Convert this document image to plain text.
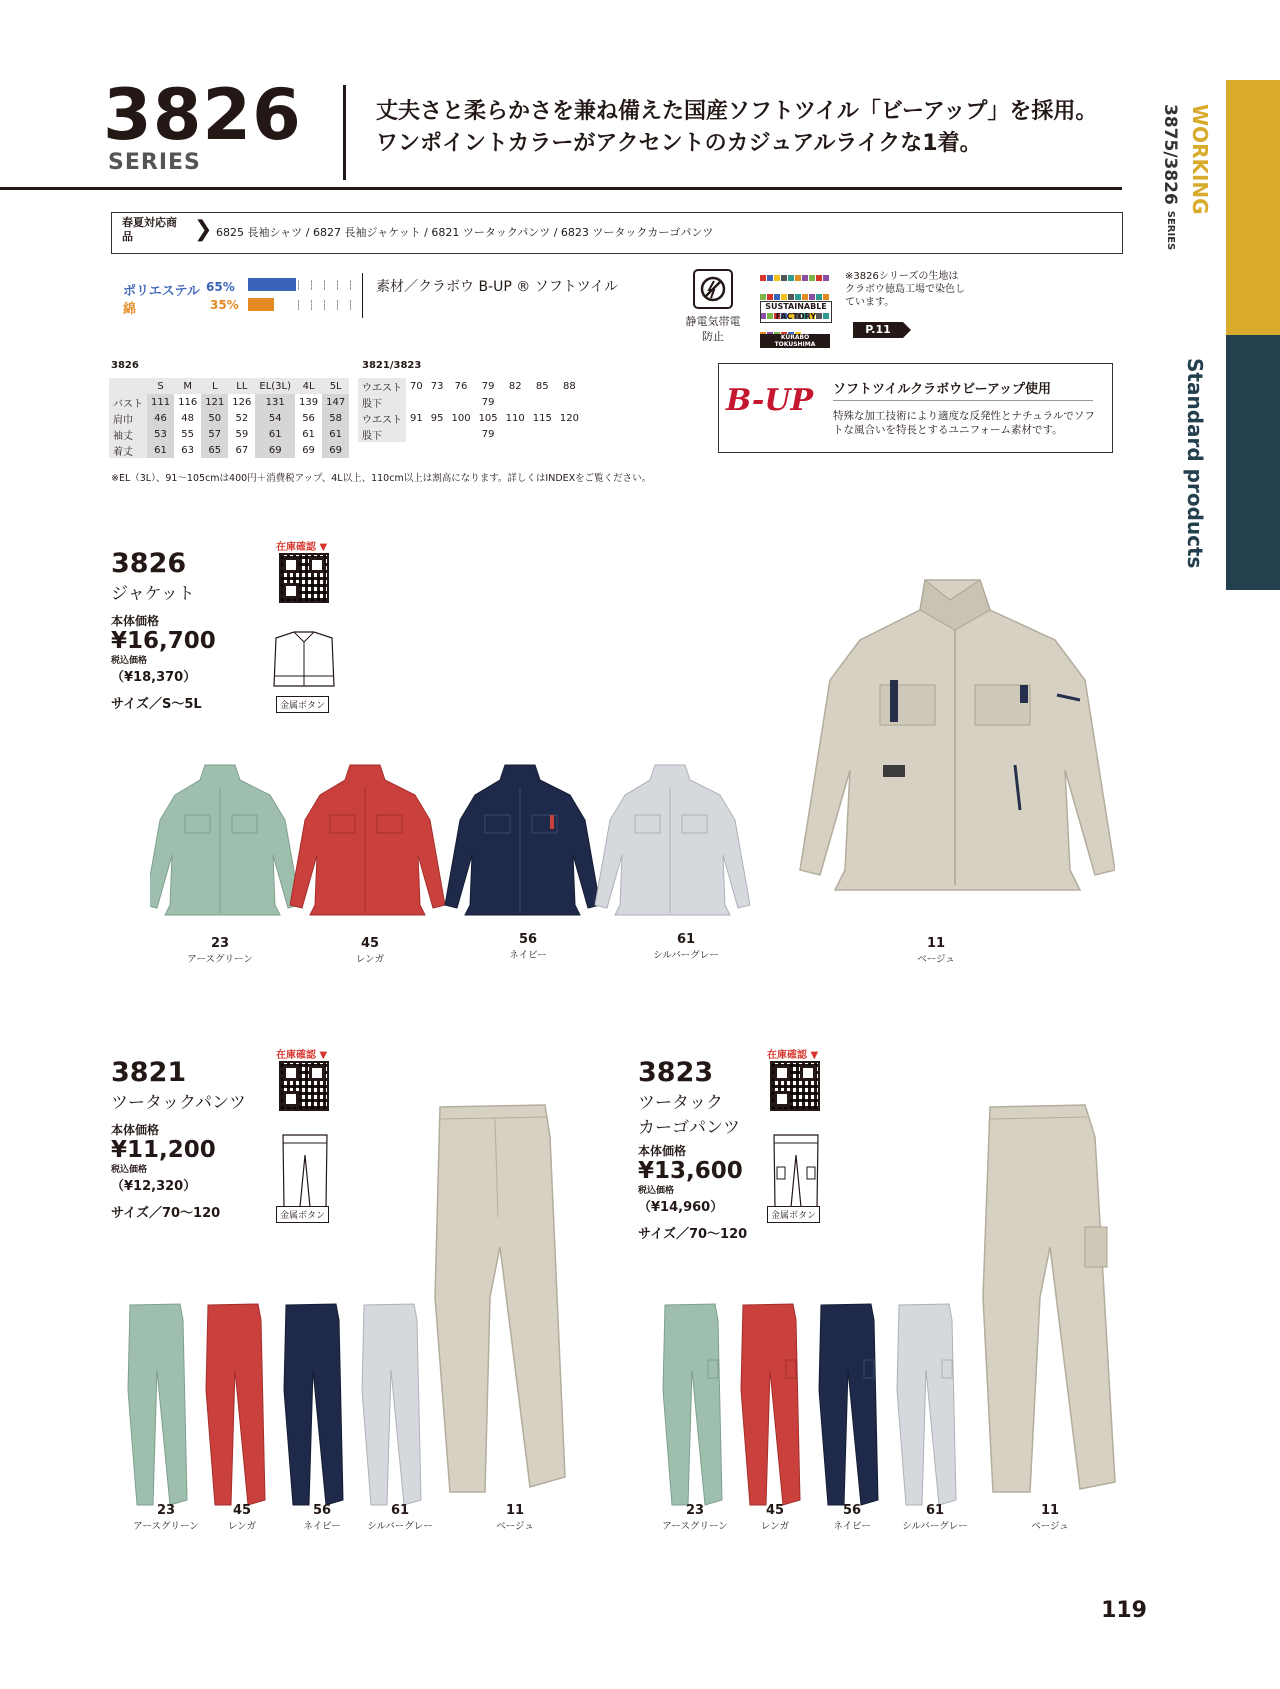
3826
SERIES
丈夫さと柔らかさを兼ね備えた国産ソフトツイル「ビーアップ」を採用。
ワンポイントカラーがアクセントのカジュアルライクな1着。	WORKING
3875/3826 SERIES
Standard products
春夏対応商品	❯ 6825 長袖シャツ / 6827 長袖ジャケット / 6821 ツータックパンツ / 6823 ツータックカーゴパンツ
ポリエステル 65%
綿	35%
素材／クラボウ B-UP ® ソフトツイル
静電気帯電防止
SUSTAINABLE FACTORY
KURABO TOKUSHIMA
※3826シリーズの生地はクラボウ徳島工場で染色しています。
P.11
3826
	S	M	L	LL	EL(3L)	4L	5L
バスト	111	116	121	126	131	139	147
肩巾	46	48	50	52	54	56	58
袖丈	53	55	57	59	61	61	61
着丈	61	63	65	67	69	69	69
3821/3823
ウエスト	70	73	76	79	82	85	88
股下				79			
ウエスト	91	95	100	105	110	115	120
股下				79			
※EL（3L）、91～105cmは400円＋消費税アップ、4L以上、110cm以上は割高になります。詳しくはINDEXをご覧ください。
B-UP ソフトツイルクラボウビーアップ使用
特殊な加工技術により適度な反発性とナチュラルでソフトな風合いを特長とするユニフォーム素材です。
3826
ジャケット
本体価格
¥16,700
税込価格
（¥18,370）
サイズ／S～5L
在庫確認 ▼
金属ボタン
23
アースグリーン
45
レンガ
56
ネイビー
61
シルバーグレー
11
ベージュ
3821
ツータックパンツ
本体価格
¥11,200
税込価格
（¥12,320）
サイズ／70～120
在庫確認 ▼
金属ボタン
3823
ツータック
カーゴパンツ
本体価格
¥13,600
税込価格
（¥14,960）
サイズ／70～120
在庫確認 ▼
金属ボタン
23
アースグリーン
45
レンガ
56
ネイビー
61
シルバーグレー
11
ベージュ
23
アースグリーン
45
レンガ
56
ネイビー
61
シルバーグレー
11
ベージュ
119
